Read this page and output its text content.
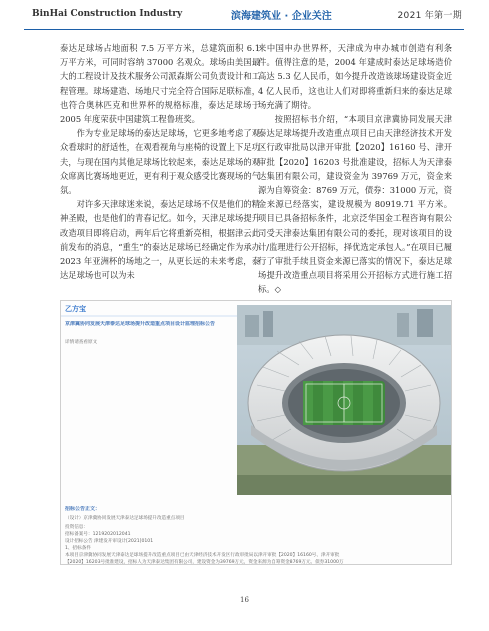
BinHai Construction Industry	滨海建筑业 · 企业关注	2021 年第一期

泰达足球场占地面积 7.5 万平方米，总建筑面积 6.1 万平方米，可同时容纳 37000 名观众。球场由美国最大的工程设计及技术服务公司派森斯公司负责设计和工程管理。球场建造、场地尺寸完全符合国际足联标准，也符合奥林匹克和世界杯的规格标准，泰达足球场于 2005 年度荣获中国建筑工程鲁班奖。

作为专业足球场的泰达足球场，它更多地考虑了观众看球时的舒适性，在观看视角与座椅的设置上下足功夫，与现在国内其他足球场比较起来，泰达足球场的观众席离比赛场地更近，更有利于观众感受比赛现场的气氛。

对许多天津球迷来说，泰达足球场不仅是他们的精神圣殿，也是他们的青春记忆。如今，天津足球场提升改造项目即将启动，两年后它将重新亮相，根据津云此前发布的消息，“重生”的泰达足球场已经确定作为承办 2023 年亚洲杯的场地之一，从更长远的未来考虑，泰达足球场也可以为未

来中国申办世界杯，天津成为申办城市创造有利条件。值得注意的是，2004 年建成时泰达足球场造价高达 5.3 亿人民币，如今提升改造该球场建设资金近 4 亿人民币，这也让人们对即将重新归来的泰达足球场充满了期待。

按照招标书介绍，“本项目京津冀协同发展天津泰达足球场提升改造重点项目已由天津经济技术开发区行政审批局以津开审批【2020】16160 号、津开审批【2020】16203 号批准建设，招标人为天津泰达集团有限公司，建设资金为 39769 万元，资金来源为自筹资金：8769 万元，债券：31000 万元，资金来源已经落实，建设规模为 80919.71 平方米。项目已具备招标条件，北京泛华国金工程咨询有限公司受天津泰达集团有限公司的委托，现对该项目的设计/监理进行公开招标，择优选定承包人。”在项目已履行了审批手续且资金来源已落实的情况下，泰达足球场提升改造重点项目将采用公开招标方式进行施工招标。◇

乙方宝
京津冀协同发展天津泰达足球场提升改造重点项目设计监理招标公告
详情请查看原文
招标公告正文：
（设计）京津冀协同发展天津泰达足球场提升改造重点项目
投资信息：
招标备案号：1219202012041
设计招标公告 津建发开审设计[2021]0101
1、招标条件
本项目京津冀协同发展天津泰达足球场提升改造重点项目已由天津经济技术开发区行政审批局以津开审批【2020】16160号、津开审批
【2020】16203号批准建设，招标人为天津泰达集团有限公司，建设资金为39769万元，资金来源为自筹资金8769万元、债券31000万
16
